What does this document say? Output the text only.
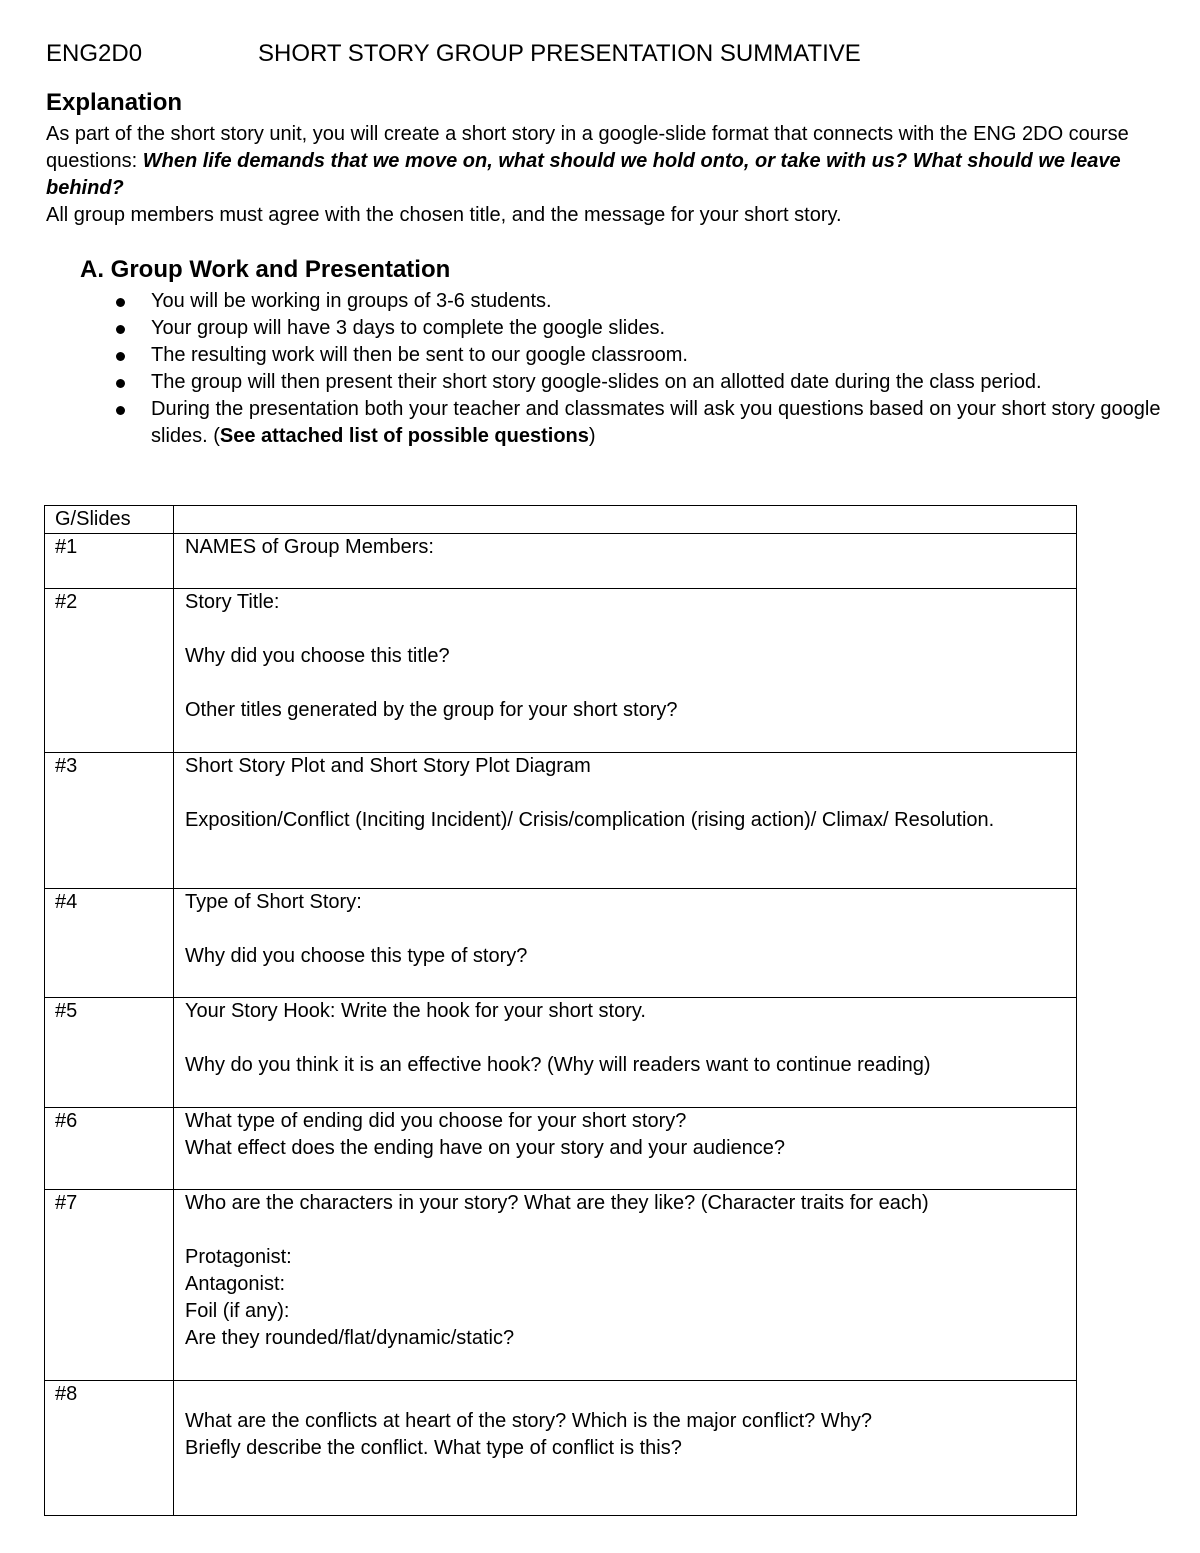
ENG2D0	SHORT STORY GROUP PRESENTATION SUMMATIVE
Explanation
As part of the short story unit, you will create a short story in a google-slide format that connects with the ENG 2DO course questions: When life demands that we move on, what should we hold onto, or take with us? What should we leave behind?
All group members must agree with the chosen title, and the message for your short story.
A. Group Work and Presentation
You will be working in groups of 3-6 students.
Your group will have 3 days to complete the google slides.
The resulting work will then be sent to our google classroom.
The group will then present their short story google-slides on an allotted date during the class period.
During the presentation both your teacher and classmates will ask you questions based on your short story google slides. (See attached list of possible questions)
G/Slides	
#1	NAMES of Group Members:

#2	Story Title:
Why did you choose this title?
Other titles generated by the group for your short story?

#3	Short Story Plot and Short Story Plot Diagram
Exposition/Conflict (Inciting Incident)/ Crisis/complication (rising action)/ Climax/ Resolution.

#4	Type of Short Story:
Why did you choose this type of story?

#5	Your Story Hook: Write the hook for your short story.
Why do you think it is an effective hook? (Why will readers want to continue reading)

#6	What type of ending did you choose for your short story?
What effect does the ending have on your story and your audience?

#7	Who are the characters in your story? What are they like? (Character traits for each)
Protagonist:
Antagonist:
Foil (if any):
Are they rounded/flat/dynamic/static?

#8	What are the conflicts at heart of the story? Which is the major conflict? Why?
Briefly describe the conflict. What type of conflict is this?
